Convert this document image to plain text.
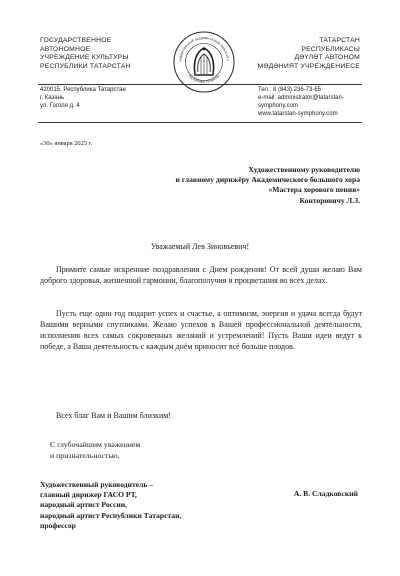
ГОСУДАРСТВЕННОЕ
АВТОНОМНОЕ
УЧРЕЖДЕНИЕ КУЛЬТУРЫ
РЕСПУБЛИКИ ТАТАРСТАН
сударственный академический большой х
Республики Татарстан
ТАТАРСТАН
РЕСПУБЛИКАСЫ
ДӘҮЛӘТ АВТОНОМ
МӘДӘНИЯТ УЧРЕЖДЕНИЕСЕ
420015, Республика Татарстан
г. Казань
ул. Гоголя д. 4
Тел.: 8 (843) 236-73-65
e-mail: administrator@tatarstan-
symphony.com
www.tatarstan-symphony.com
«30» января 2025 г.
Художественному руководителю
и главному дирижёру Академического большого хора
«Мастера хорового пения»
Конторовичу Л.З.
Уважаемый Лев Зиновьевич!
Примите самые искренние поздравления с Днем рождения! От всей души желаю Вам доброго здоровья, жизненной гармонии, благополучия и процветания во всех делах.
Пусть еще один год подарит успех и счастье, а оптимизм, энергия и удача всегда будут Вашими верными спутниками. Желаю успехов в Вашей профессиональной деятельности, исполнения всех самых сокровенных желаний и устремлений! Пусть Ваши идеи ведут к победе, а Ваша деятельность с каждым днём приносит всё больше плодов.
Всех благ Вам и Вашим близким!
С глубочайшим уважением
и признательностью,
Художественный руководитель –
главный дирижер ГАСО РТ,
народный артист России,
народный артист Республики Татарстан,
профессор
А. В. Сладковский
